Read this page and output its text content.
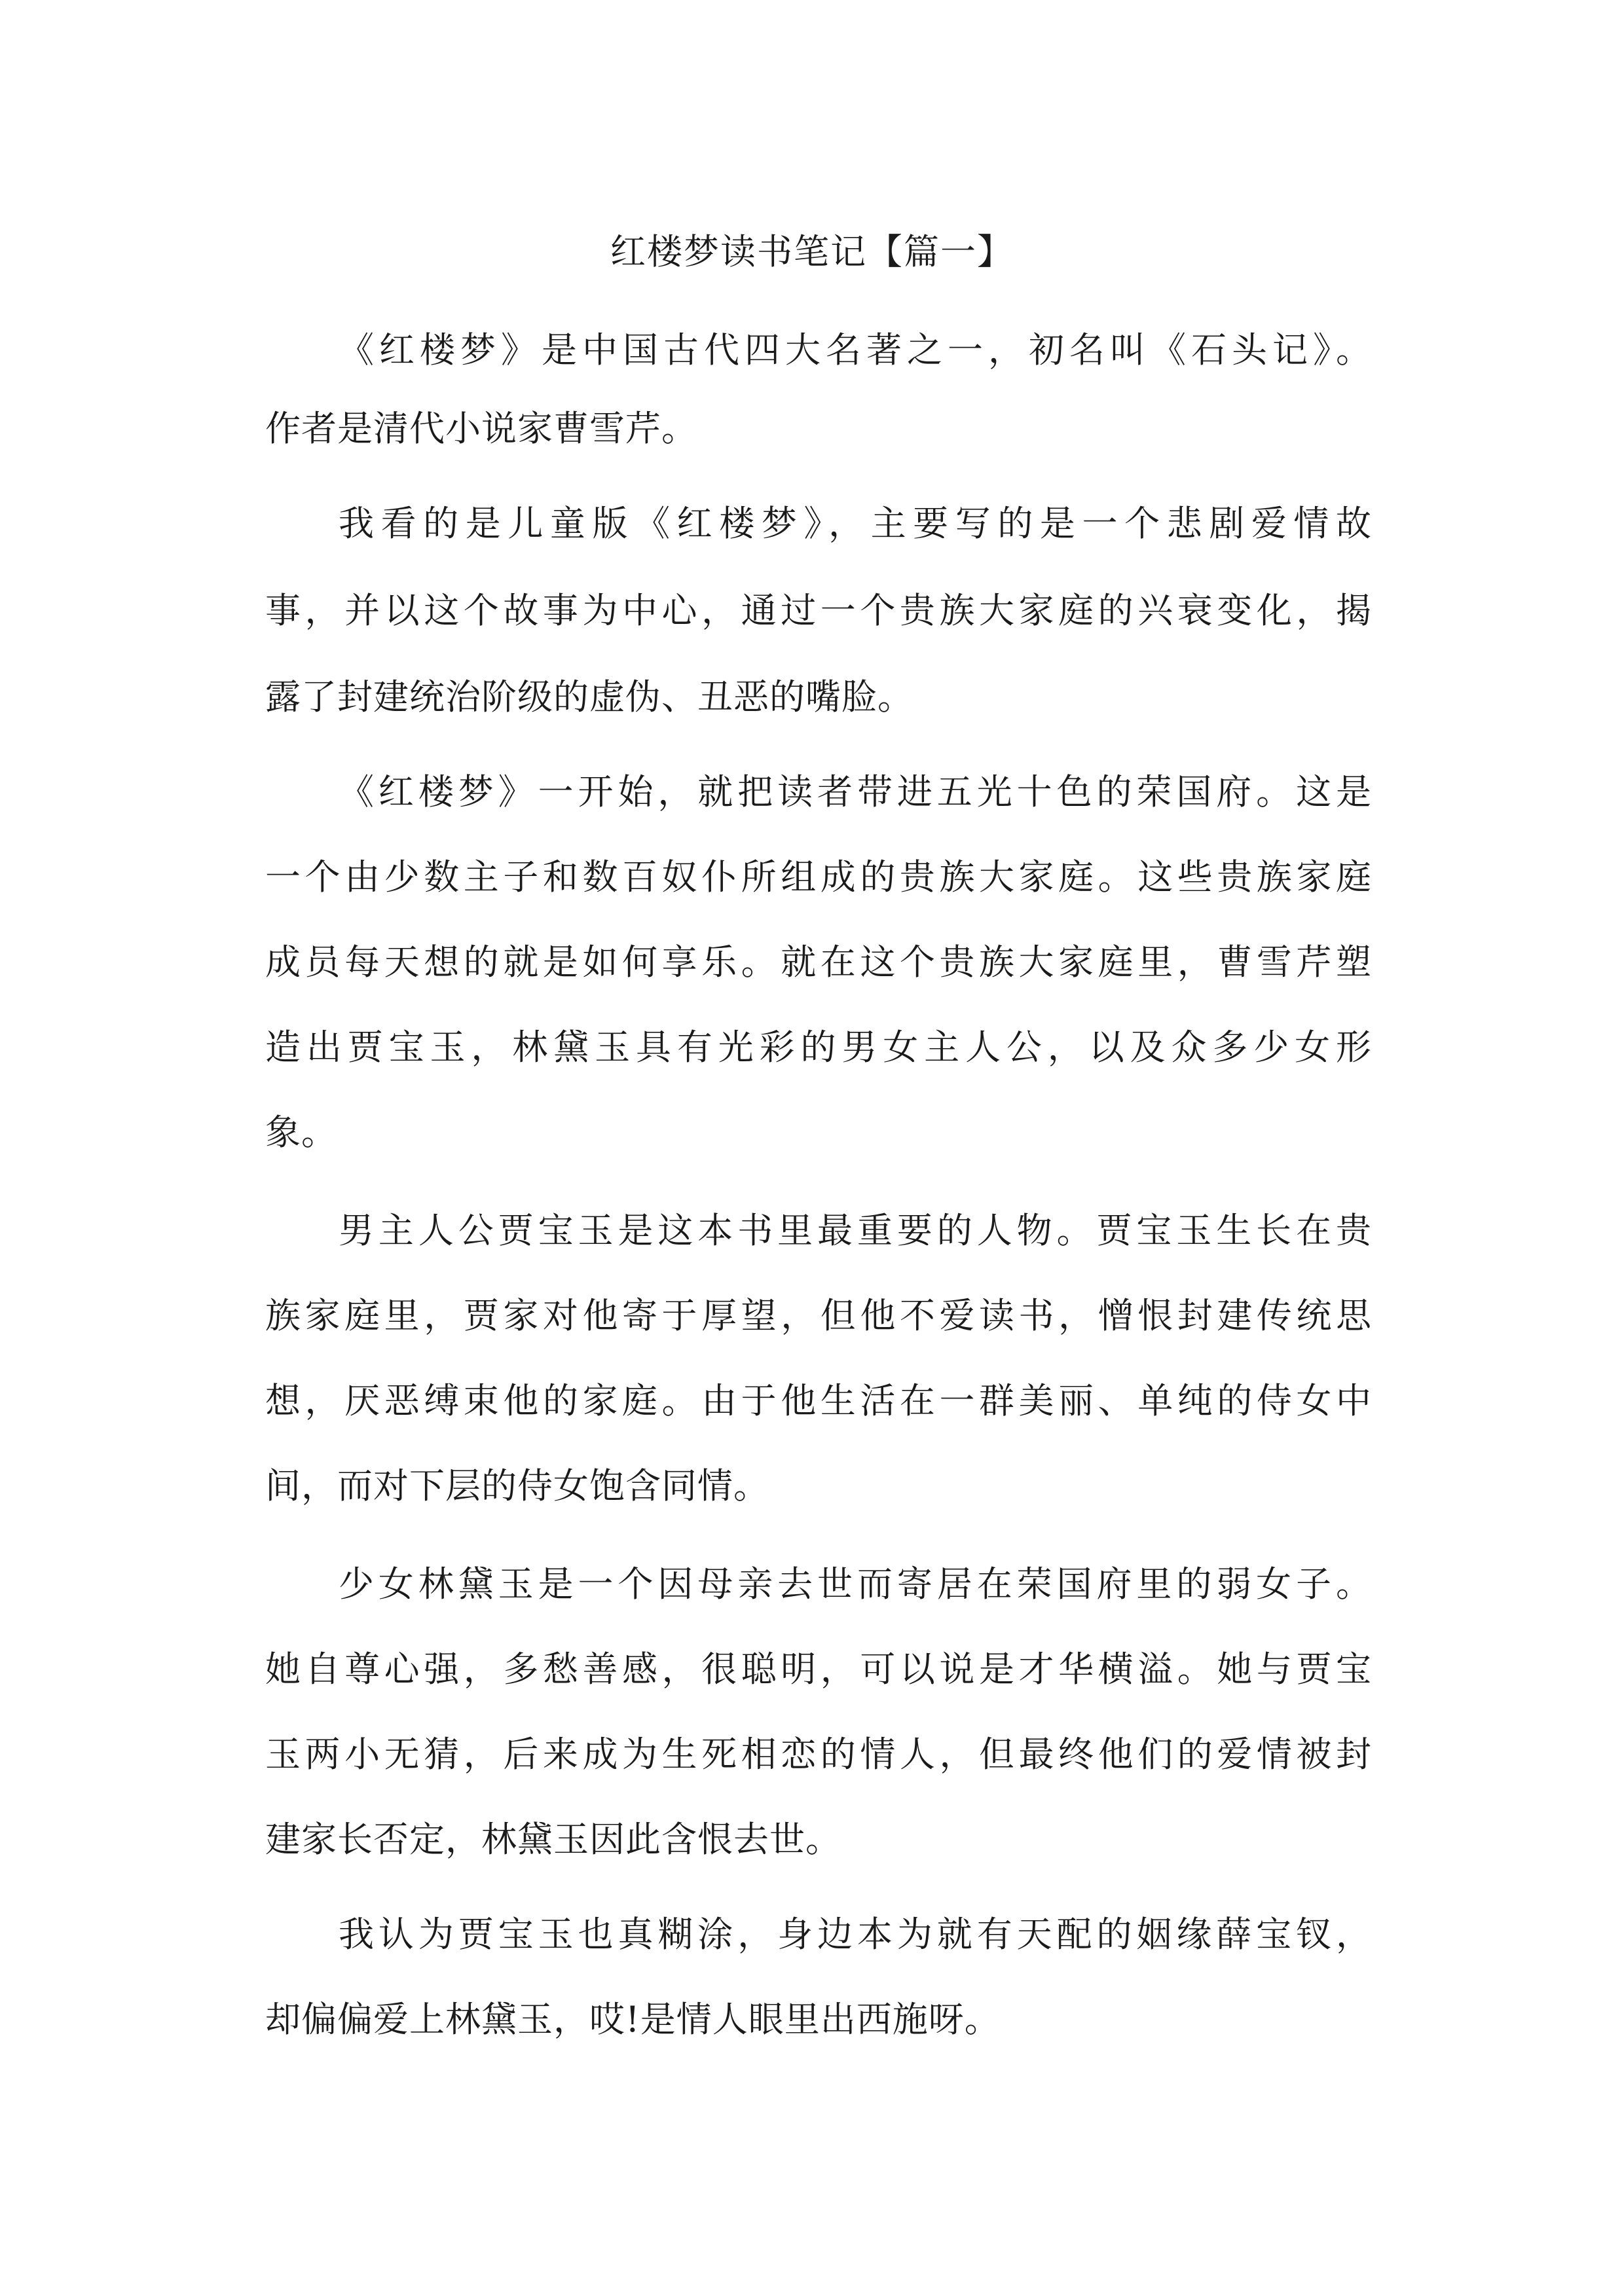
红楼梦读书笔记【篇一】
《红楼梦》是中国古代四大名著之一，初名叫《石头记》。
作者是清代小说家曹雪芹。
我看的是儿童版《红楼梦》，主要写的是一个悲剧爱情故
事，并以这个故事为中心，通过一个贵族大家庭的兴衰变化，揭
露了封建统治阶级的虚伪、丑恶的嘴脸。
《红楼梦》一开始，就把读者带进五光十色的荣国府。这是
一个由少数主子和数百奴仆所组成的贵族大家庭。这些贵族家庭
成员每天想的就是如何享乐。就在这个贵族大家庭里，曹雪芹塑
造出贾宝玉，林黛玉具有光彩的男女主人公，以及众多少女形
象。
男主人公贾宝玉是这本书里最重要的人物。贾宝玉生长在贵
族家庭里，贾家对他寄于厚望，但他不爱读书，憎恨封建传统思
想，厌恶缚束他的家庭。由于他生活在一群美丽、单纯的侍女中
间，而对下层的侍女饱含同情。
少女林黛玉是一个因母亲去世而寄居在荣国府里的弱女子。
她自尊心强，多愁善感，很聪明，可以说是才华横溢。她与贾宝
玉两小无猜，后来成为生死相恋的情人，但最终他们的爱情被封
建家长否定，林黛玉因此含恨去世。
我认为贾宝玉也真糊涂，身边本为就有天配的姻缘薛宝钗，
却偏偏爱上林黛玉，哎!是情人眼里出西施呀。
